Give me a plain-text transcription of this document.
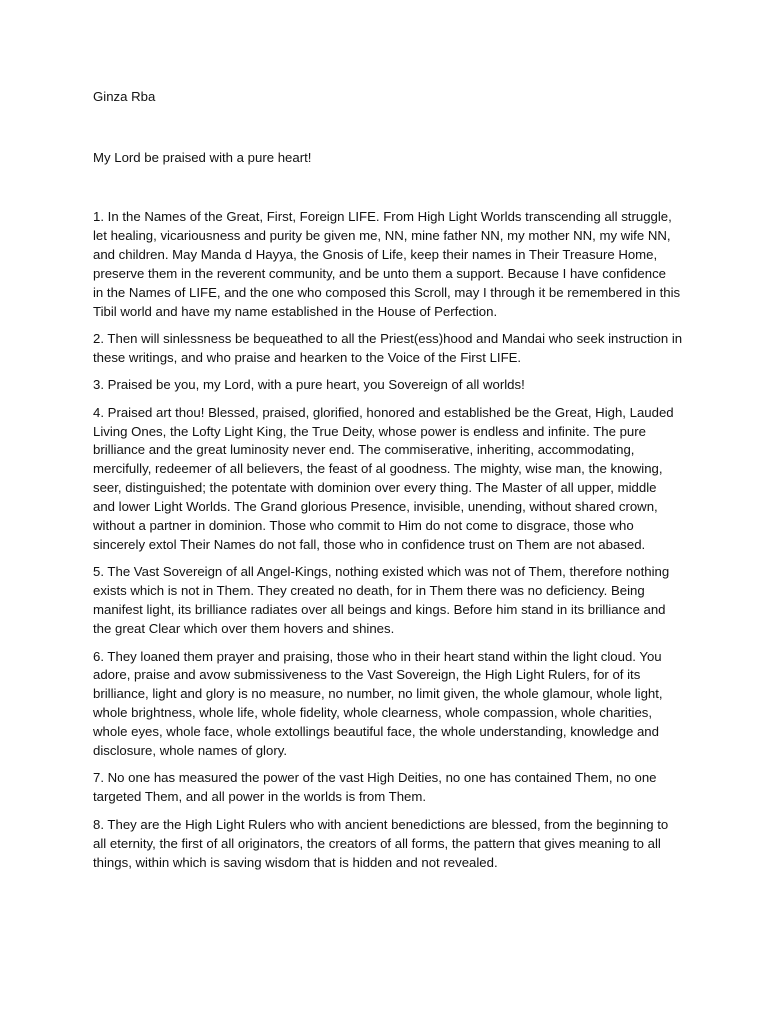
Ginza Rba

My Lord be praised with a pure heart!

1. In the Names of the Great, First, Foreign LIFE. From High Light Worlds transcending all struggle,
let healing, vicariousness and purity be given me, NN, mine father NN, my mother NN, my wife NN,
and children. May Manda d Hayya, the Gnosis of Life, keep their names in Their Treasure Home,
preserve them in the reverent community, and be unto them a support. Because I have confidence
in the Names of LIFE, and the one who composed this Scroll, may I through it be remembered in this
Tibil world and have my name established in the House of Perfection.

2. Then will sinlessness be bequeathed to all the Priest(ess)hood and Mandai who seek instruction in
these writings, and who praise and hearken to the Voice of the First LIFE.

3. Praised be you, my Lord, with a pure heart, you Sovereign of all worlds!

4. Praised art thou! Blessed, praised, glorified, honored and established be the Great, High, Lauded
Living Ones, the Lofty Light King, the True Deity, whose power is endless and infinite. The pure
brilliance and the great luminosity never end. The commiserative, inheriting, accommodating,
mercifully, redeemer of all believers, the feast of al goodness. The mighty, wise man, the knowing,
seer, distinguished; the potentate with dominion over every thing. The Master of all upper, middle
and lower Light Worlds. The Grand glorious Presence, invisible, unending, without shared crown,
without a partner in dominion. Those who commit to Him do not come to disgrace, those who
sincerely extol Their Names do not fall, those who in confidence trust on Them are not abased.

5. The Vast Sovereign of all Angel-Kings, nothing existed which was not of Them, therefore nothing
exists which is not in Them. They created no death, for in Them there was no deficiency. Being
manifest light, its brilliance radiates over all beings and kings. Before him stand in its brilliance and
the great Clear which over them hovers and shines.

6. They loaned them prayer and praising, those who in their heart stand within the light cloud. You
adore, praise and avow submissiveness to the Vast Sovereign, the High Light Rulers, for of its
brilliance, light and glory is no measure, no number, no limit given, the whole glamour, whole light,
whole brightness, whole life, whole fidelity, whole clearness, whole compassion, whole charities,
whole eyes, whole face, whole extollings beautiful face, the whole understanding, knowledge and
disclosure, whole names of glory.

7. No one has measured the power of the vast High Deities, no one has contained Them, no one
targeted Them, and all power in the worlds is from Them.

8. They are the High Light Rulers who with ancient benedictions are blessed, from the beginning to
all eternity, the first of all originators, the creators of all forms, the pattern that gives meaning to all
things, within which is saving wisdom that is hidden and not revealed.
